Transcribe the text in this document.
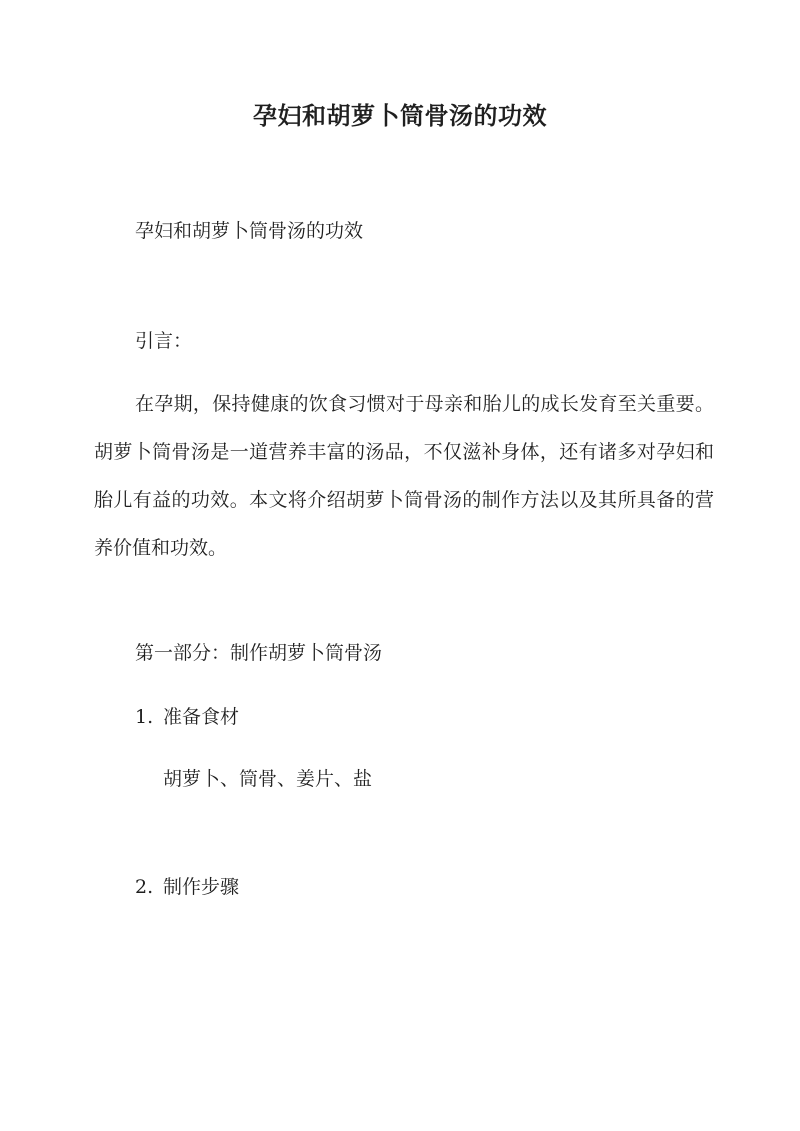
孕妇和胡萝卜筒骨汤的功效

孕妇和胡萝卜筒骨汤的功效

引言：

在孕期，保持健康的饮食习惯对于母亲和胎儿的成长发育至关重要。胡萝卜筒骨汤是一道营养丰富的汤品，不仅滋补身体，还有诸多对孕妇和胎儿有益的功效。本文将介绍胡萝卜筒骨汤的制作方法以及其所具备的营养价值和功效。

第一部分：制作胡萝卜筒骨汤

1. 准备食材

胡萝卜、筒骨、姜片、盐

2. 制作步骤
